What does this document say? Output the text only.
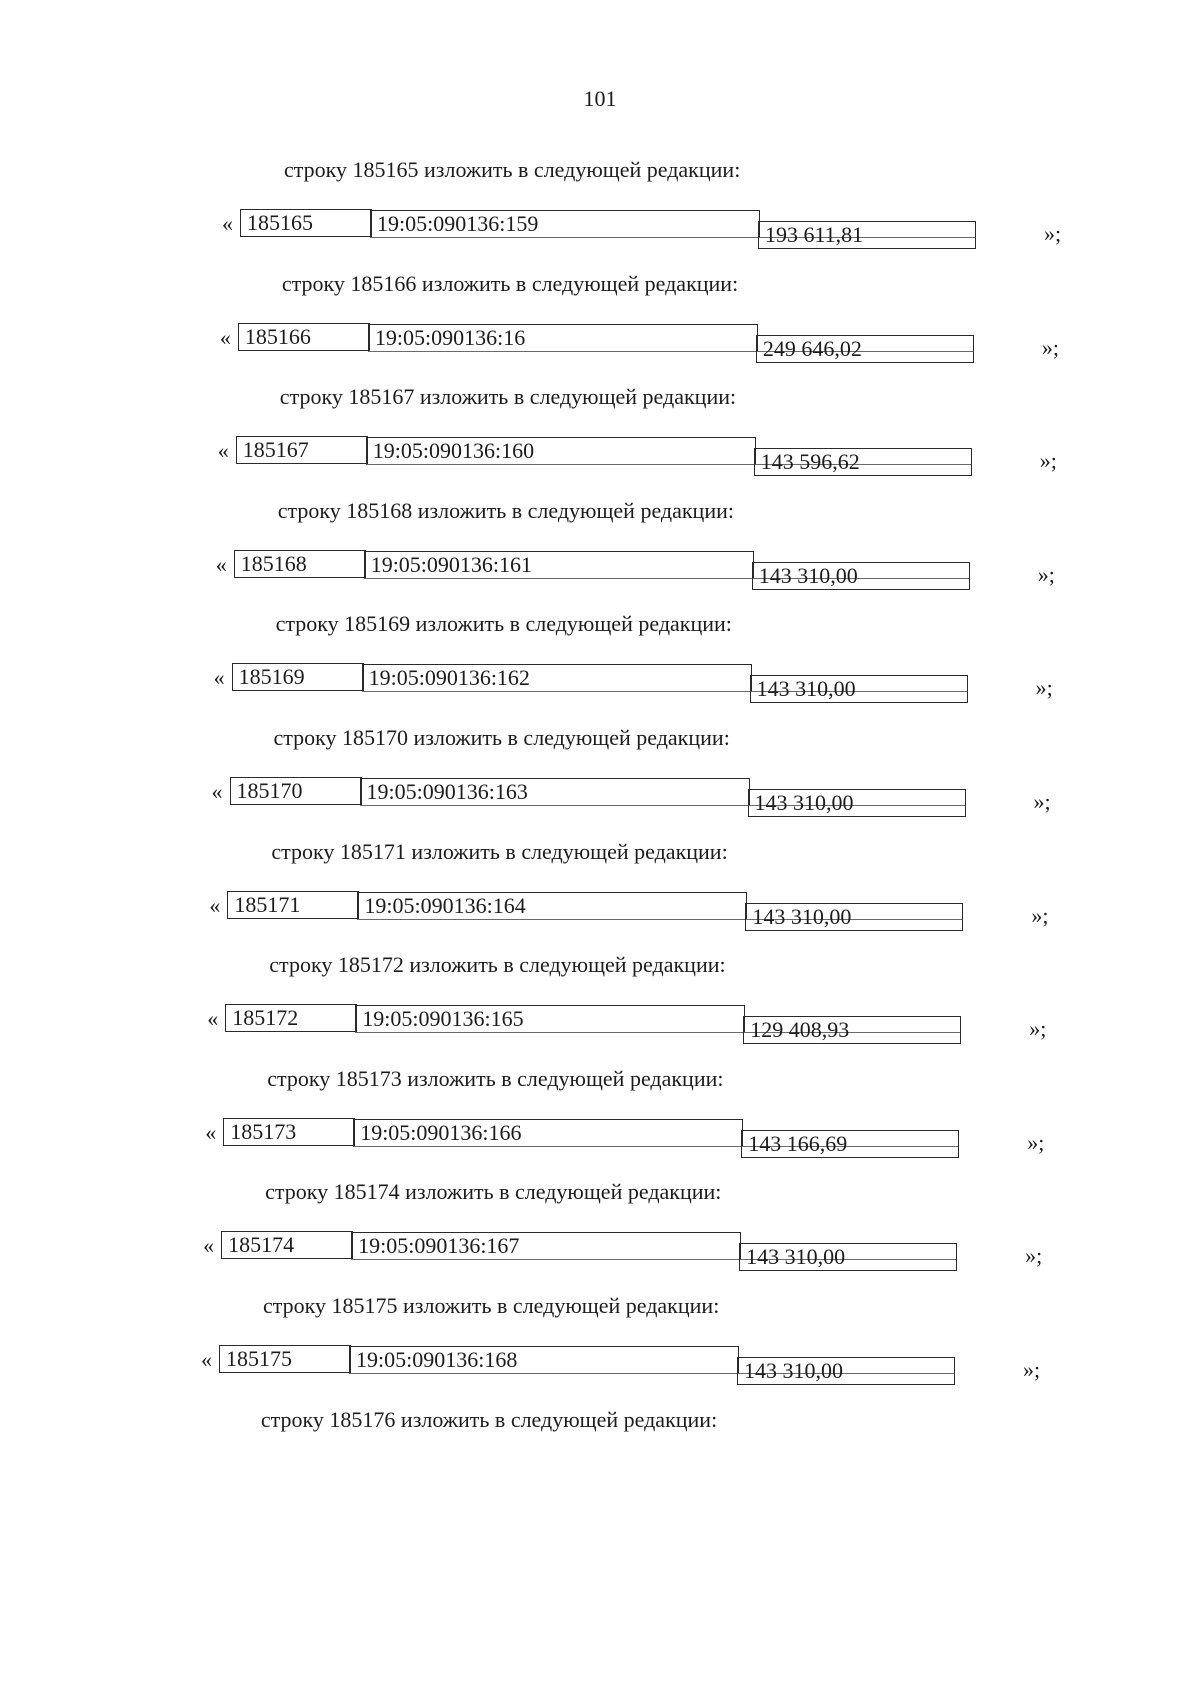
101
строку 185165 изложить в следующей редакции:
« 185165	19:05:090136:159	193 611,81	»;
строку 185166 изложить в следующей редакции:
« 185166	19:05:090136:16	249 646,02	»;
строку 185167 изложить в следующей редакции:
« 185167	19:05:090136:160	143 596,62	»;
строку 185168 изложить в следующей редакции:
« 185168	19:05:090136:161	143 310,00	»;
строку 185169 изложить в следующей редакции:
« 185169	19:05:090136:162	143 310,00	»;
строку 185170 изложить в следующей редакции:
« 185170	19:05:090136:163	143 310,00	»;
строку 185171 изложить в следующей редакции:
« 185171	19:05:090136:164	143 310,00	»;
строку 185172 изложить в следующей редакции:
« 185172	19:05:090136:165	129 408,93	»;
строку 185173 изложить в следующей редакции:
« 185173	19:05:090136:166	143 166,69	»;
строку 185174 изложить в следующей редакции:
« 185174	19:05:090136:167	143 310,00	»;
строку 185175 изложить в следующей редакции:
« 185175	19:05:090136:168	143 310,00	»;
строку 185176 изложить в следующей редакции:
